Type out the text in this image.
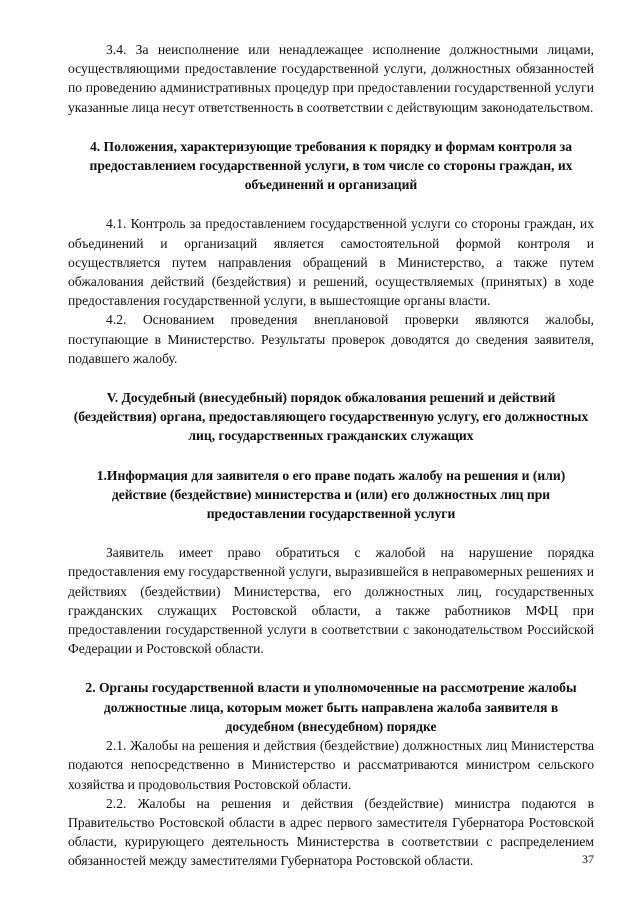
3.4. За неисполнение или ненадлежащее исполнение должностными лицами, осуществляющими предоставление государственной услуги, должностных обязанностей по проведению административных процедур при предоставлении государственной услуги указанные лица несут ответственность в соответствии с действующим законодательством.

4. Положения, характеризующие требования к порядку и формам контроля за предоставлением государственной услуги, в том числе со стороны граждан, их объединений и организаций

4.1. Контроль за предоставлением государственной услуги со стороны граждан, их объединений и организаций является самостоятельной формой контроля и осуществляется путем направления обращений в Министерство, а также путем обжалования действий (бездействия) и решений, осуществляемых (принятых) в ходе предоставления государственной услуги, в вышестоящие органы власти.

4.2. Основанием проведения внеплановой проверки являются жалобы, поступающие в Министерство. Результаты проверок доводятся до сведения заявителя, подавшего жалобу.

V. Досудебный (внесудебный) порядок обжалования решений и действий (бездействия) органа, предоставляющего государственную услугу, его должностных лиц, государственных гражданских служащих

1.Информация для заявителя о его праве подать жалобу на решения и (или) действие (бездействие) министерства и (или) его должностных лиц при предоставлении государственной услуги

Заявитель имеет право обратиться с жалобой на нарушение порядка предоставления ему государственной услуги, выразившейся в неправомерных решениях и действиях (бездействии) Министерства, его должностных лиц, государственных гражданских служащих Ростовской области, а также работников МФЦ при предоставлении государственной услуги в соответствии с законодательством Российской Федерации и Ростовской области.

2. Органы государственной власти и уполномоченные на рассмотрение жалобы должностные лица, которым может быть направлена жалоба заявителя в досудебном (внесудебном) порядке

2.1. Жалобы на решения и действия (бездействие) должностных лиц Министерства подаются непосредственно в Министерство и рассматриваются министром сельского хозяйства и продовольствия Ростовской области.

2.2. Жалобы на решения и действия (бездействие) министра подаются в Правительство Ростовской области в адрес первого заместителя Губернатора Ростовской области, курирующего деятельность Министерства в соответствии с распределением обязанностей между заместителями Губернатора Ростовской области.	37
